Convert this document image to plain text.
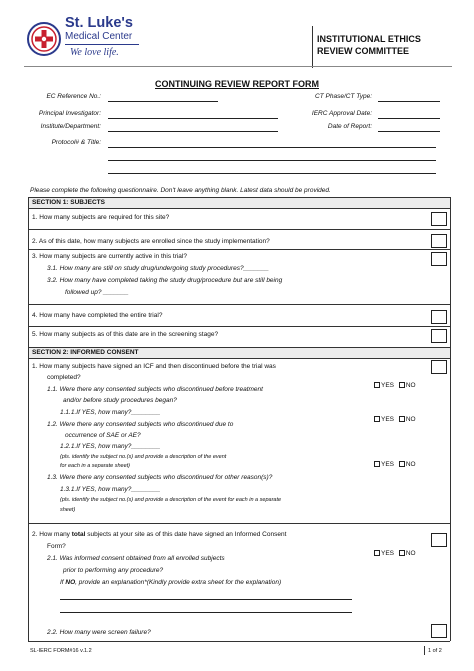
St. Luke's
Medical Center
We love life.
INSTITUTIONAL ETHICS
REVIEW COMMITTEE
CONTINUING REVIEW REPORT FORM
EC Reference No.:	CT Phase/CT Type:
Principal Investigator:	IERC Approval Date:
Institute/Department:	Date of Report:
Protocol# & Title:
Please complete the following questionnaire. Don't leave anything blank. Latest data should be provided.
SECTION 1: SUBJECTS
1. How many subjects are required for this site?
2. As of this date, how many subjects are enrolled since the study implementation?
3. How many subjects are currently active in this trial?
3.1. How many are still on study drug/undergoing study procedures?_______
3.2. How many have completed taking the study drug/procedure but are still being
followed up? _______
4. How many have completed the entire trial?
5. How many subjects as of this date are in the screening stage?
SECTION 2: INFORMED CONSENT
1. How many subjects have signed an ICF and then discontinued before the trial was
completed?
1.1. Were there any consented subjects who discontinued before treatment
and/or before study procedures began?
YES NO
1.1.1.If YES, how many?________
1.2. Were there any consented subjects who discontinued due to
occurrence of SAE or AE?
YES NO
1.2.1.If YES, how many?________
(pls. identify the subject no.(s) and provide a description of the event
for each in a separate sheet)	YES NO
1.3. Were there any consented subjects who discontinued for other reason(s)?
1.3.1.If YES, how many?________
(pls. identify the subject no.(s) and provide a description of the event for each in a separate
sheet)
2. How many total subjects at your site as of this date have signed an Informed Consent
Form?
2.1. Was informed consent obtained from all enrolled subjects
prior to performing any procedure?
YES NO
If NO, provide an explanation*(Kindly provide extra sheet for the explanation)
2.2. How many were screen failure?
SL-IERC FORM#16 v.1.2	1 of 2
